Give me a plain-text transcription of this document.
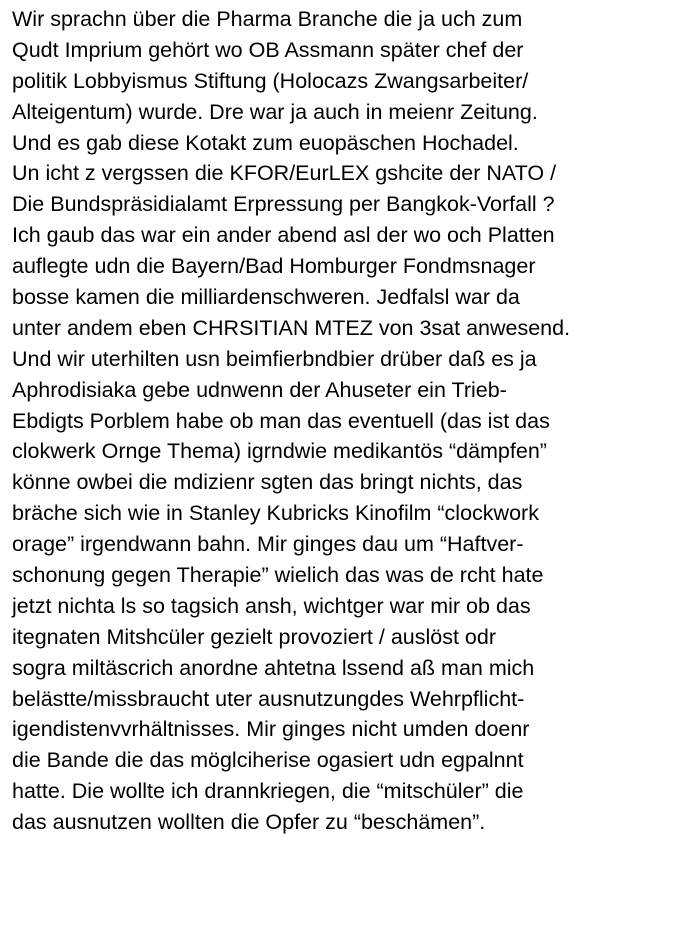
Wir sprachn über die Pharma Branche die ja uch zum
Qudt Imprium gehört wo OB Assmann später chef der
politik Lobbyismus Stiftung (Holocazs Zwangsarbeiter/
Alteigentum) wurde. Dre war ja auch in meienr Zeitung.
Und es gab diese Kotakt zum euopäschen Hochadel.
Un icht z vergssen die KFOR/EurLEX gshcite der NATO /
Die Bundspräsidialamt Erpressung per Bangkok-Vorfall ?
Ich gaub das war ein ander abend asl der wo och Platten
auflegte udn die Bayern/Bad Homburger Fondmsnager
bosse kamen die milliardenschweren. Jedfalsl war da
unter andem eben CHRSITIAN MTEZ von 3sat anwesend.
Und wir uterhilten usn beimfierbndbier drüber daß es ja
Aphrodisiaka gebe udnwenn der Ahuseter ein Trieb-
Ebdigts Porblem habe ob man das eventuell (das ist das
clokwerk Ornge Thema) igrndwie medikantös “dämpfen”
könne owbei die mdizienr sgten das bringt nichts, das
bräche sich wie in Stanley Kubricks Kinofilm “clockwork
orage” irgendwann bahn. Mir ginges dau um “Haftver-
schonung gegen Therapie” wielich das was de rcht hate
jetzt nichta ls so tagsich ansh, wichtger war mir ob das
itegnaten Mitshcüler gezielt provoziert / auslöst odr
sogra miltäscrich anordne ahtetna lssend aß man mich
belästte/missbraucht uter ausnutzungdes Wehrpflicht-
igendistenvvrhältnisses. Mir ginges nicht umden doenr
die Bande die das möglciherise ogasiert udn egpalnnt
hatte. Die wollte ich drannkriegen, die “mitschüler” die
das ausnutzen wollten die Opfer zu “beschämen”.
